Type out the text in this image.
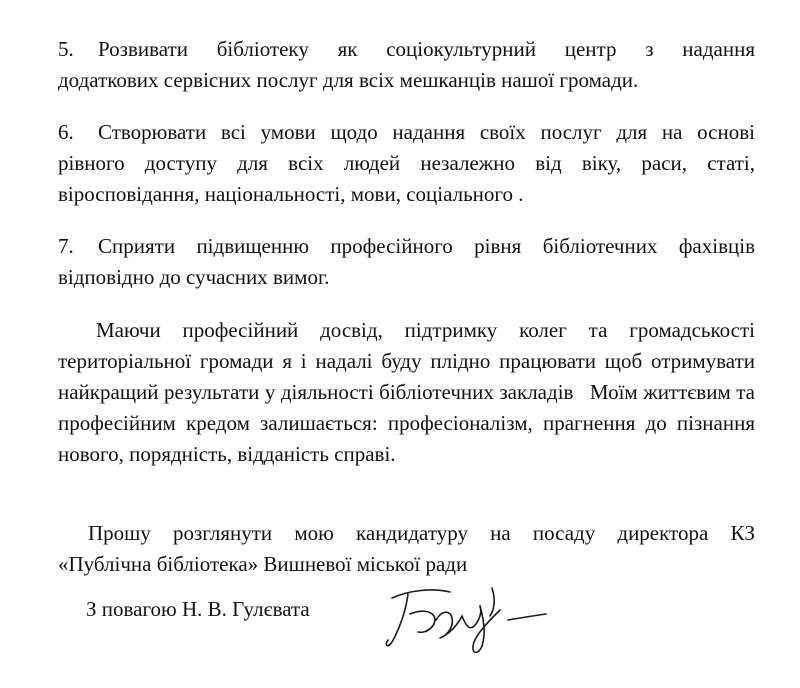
5. Розвивати бібліотеку як соціокультурний центр з надання
додаткових сервісних послуг для всіх мешканців нашої громади.
6. Створювати всі умови щодо надання своїх послуг для на основі
рівного доступу для всіх людей незалежно від віку, раси, статі,
віросповідання, національності, мови, соціального .
7. Сприяти підвищенню професійного рівня бібліотечних фахівців
відповідно до сучасних вимог.
Маючи професійний досвід, підтримку колег та громадськості
територіальної громади я і надалі буду плідно працювати щоб отримувати
найкращий результати у діяльності бібліотечних закладів   Моїм життєвим та
професійним кредом залишається: професіоналізм, прагнення до пізнання
нового, порядність, відданість справі.
Прошу розглянути мою кандидатуру на посаду директора КЗ
«Публічна бібліотека» Вишневої міської ради
З повагою Н. В. Гулєвата
